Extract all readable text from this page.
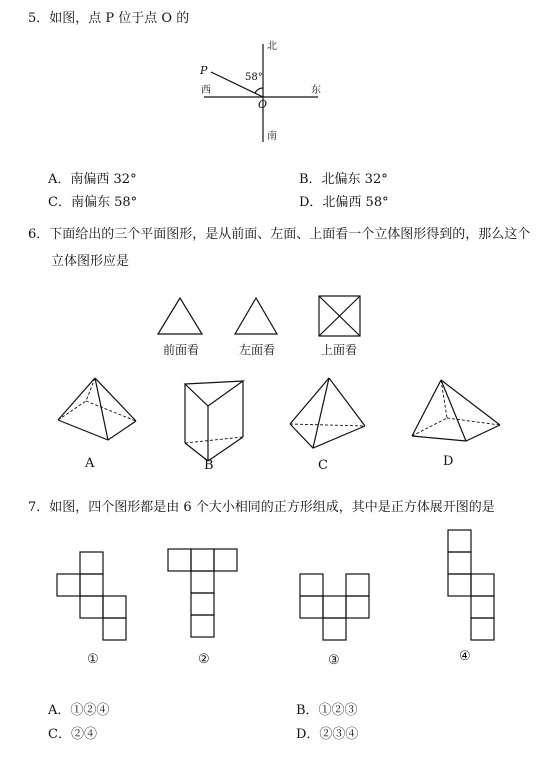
5．如图，点 P 位于点 O 的
北
南
东
西
P
O
58°
A．南偏西 32°	B．北偏东 32°
C．南偏东 58°	D．北偏西 58°
6．下面给出的三个平面图形，是从前面、左面、上面看一个立体图形得到的，那么这个
立体图形应是
前面看	左面看	上面看
A	B	C	D
7．如图，四个图形都是由 6 个大小相同的正方形组成，其中是正方体展开图的是
①	②	③	④
A．①②④	B．①②③
C．②④	D．②③④
